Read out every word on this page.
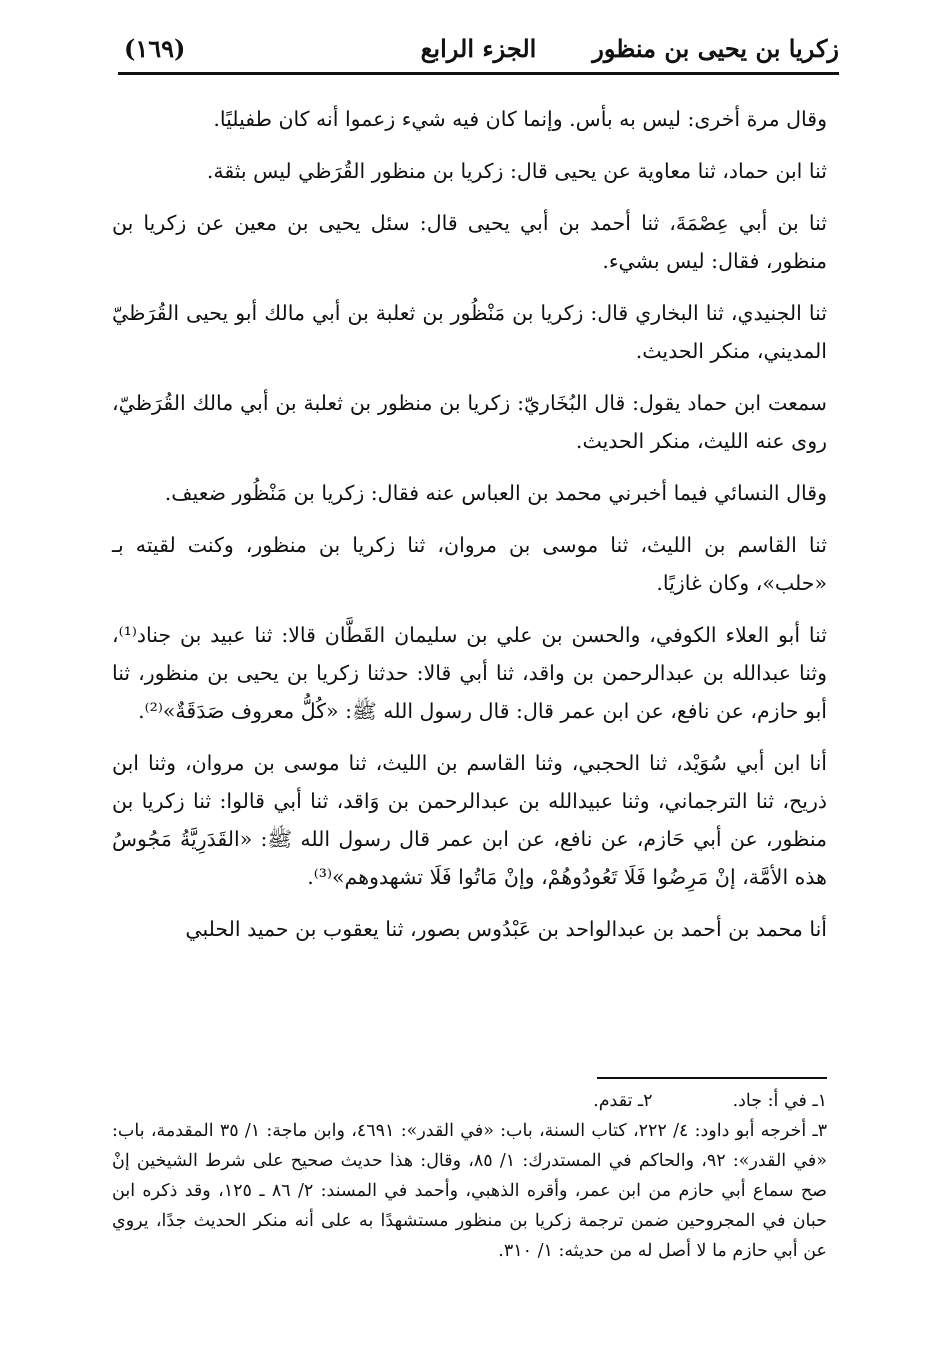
زكريا بن يحيى بن منظور
الجزء الرابع
(١٦٩)

وقال مرة أخرى: ليس به بأس. وإنما كان فيه شيء زعموا أنه كان طفيليًا.

ثنا ابن حماد، ثنا معاوية عن يحيى قال: زكريا بن منظور القُرَظي ليس بثقة.

ثنا بن أبي عِصْمَةَ، ثنا أحمد بن أبي يحيى قال: سئل يحيى بن معين عن زكريا بن منظور، فقال: ليس بشيء.

ثنا الجنيدي، ثنا البخاري قال: زكريا بن مَنْظُور بن ثعلبة بن أبي مالك أبو يحيى القُرَظيّ المديني، منكر الحديث.

سمعت ابن حماد يقول: قال البُخَاريّ: زكريا بن منظور بن ثعلبة بن أبي مالك القُرَظيّ، روى عنه الليث، منكر الحديث.

وقال النسائي فيما أخبرني محمد بن العباس عنه فقال: زكريا بن مَنْظُور ضعيف.

ثنا القاسم بن الليث، ثنا موسى بن مروان، ثنا زكريا بن منظور، وكنت لقيته بـ «حلب»، وكان غازيًا.

ثنا أبو العلاء الكوفي، والحسن بن علي بن سليمان القَطَّان قالا: ثنا عبيد بن جناد⁽¹⁾، وثنا عبدالله بن عبدالرحمن بن واقد، ثنا أبي قالا: حدثنا زكريا بن يحيى بن منظور، ثنا أبو حازم، عن نافع، عن ابن عمر قال: قال رسول الله ﷺ: «كُلُّ معروف صَدَقَةٌ»⁽²⁾.

أنا ابن أبي سُوَيْد، ثنا الحجبي، وثنا القاسم بن الليث، ثنا موسى بن مروان، وثنا ابن ذريح، ثنا الترجماني، وثنا عبيدالله بن عبدالرحمن بن وَاقد، ثنا أبي قالوا: ثنا زكريا بن منظور، عن أبي حَازم، عن نافع، عن ابن عمر قال رسول الله ﷺ: «القَدَرِيَّةُ مَجُوسُ هذه الأمَّة، إنْ مَرِضُوا فَلَا تَعُودُوهُمْ، وإنْ مَاتُوا فَلَا تشهدوهم»⁽³⁾.

أنا محمد بن أحمد بن عبدالواحد بن عَبْدُوس بصور، ثنا يعقوب بن حميد الحلبي

١ـ في أ: جاد.

٢ـ تقدم.

٣ـ أخرجه أبو داود: ٤/ ٢٢٢، كتاب السنة، باب: «في القدر»: ٤٦٩١، وابن ماجة: ١/ ٣٥ المقدمة، باب: «في القدر»: ٩٢، والحاكم في المستدرك: ١/ ٨٥، وقال: هذا حديث صحيح على شرط الشيخين إنْ صح سماع أبي حازم من ابن عمر، وأقره الذهبي، وأحمد في المسند: ٢/ ٨٦ ـ ١٢٥، وقد ذكره ابن حبان في المجروحين ضمن ترجمة زكريا بن منظور مستشهدًا به على أنه منكر الحديث جدًا، يروي عن أبي حازم ما لا أصل له من حديثه: ١/ ٣١٠.
